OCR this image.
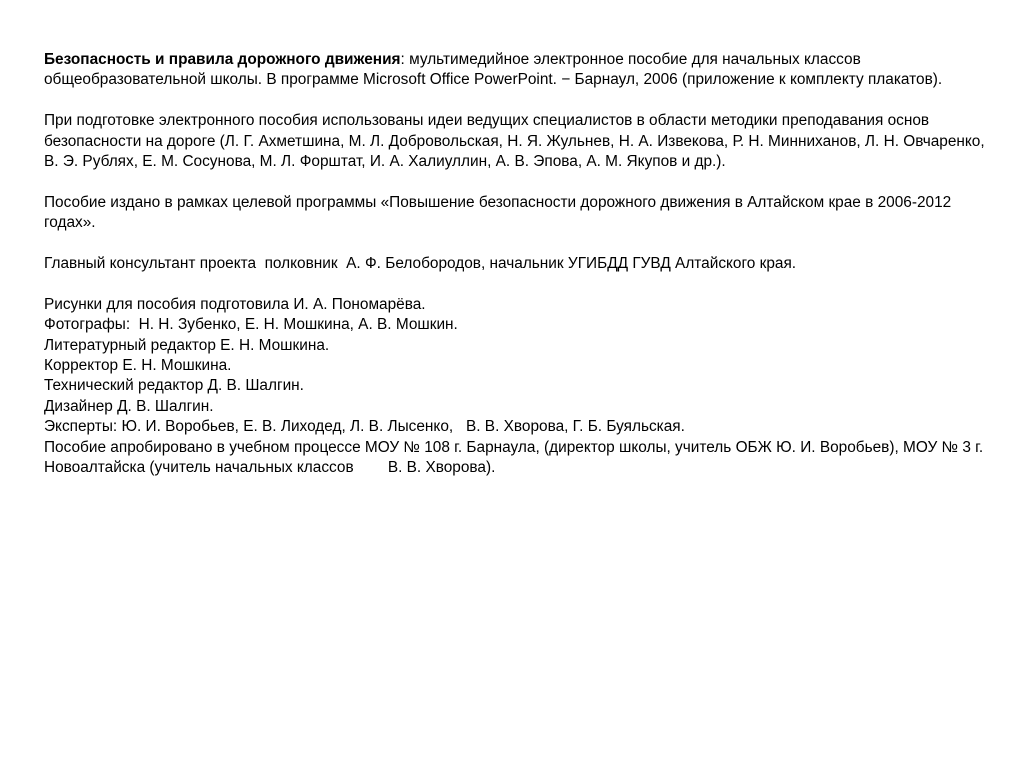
Безопасность и правила дорожного движения: мультимедийное электронное пособие для начальных классов общеобразовательной школы. В программе Microsoft Office PowerPoint. − Барнаул, 2006 (приложение к комплекту плакатов).

При подготовке электронного пособия использованы идеи ведущих специалистов в области методики преподавания основ безопасности на дороге (Л. Г. Ахметшина, М. Л. Добровольская, Н. Я. Жульнев, Н. А. Извекова, Р. Н. Минниханов, Л. Н. Овчаренко, В. Э. Рублях, Е. М. Сосунова, М. Л. Форштат, И. А. Халиуллин, А. В. Эпова, А. М. Якупов и др.).

Пособие издано в рамках целевой программы «Повышение безопасности дорожного движения в Алтайском крае в 2006-2012 годах».

Главный консультант проекта  полковник  А. Ф. Белобородов, начальник УГИБДД ГУВД Алтайского края.

Рисунки для пособия подготовила И. А. Пономарёва.

Фотографы:  Н. Н. Зубенко, Е. Н. Мошкина, А. В. Мошкин.

Литературный редактор Е. Н. Мошкина.

Корректор Е. Н. Мошкина.

Технический редактор Д. В. Шалгин.

Дизайнер Д. В. Шалгин.

Эксперты: Ю. И. Воробьев, Е. В. Лиходед, Л. В. Лысенко,   В. В. Хворова, Г. Б. Буяльская.

Пособие апробировано в учебном процессе МОУ № 108 г. Барнаула, (директор школы, учитель ОБЖ Ю. И. Воробьев), МОУ № 3 г. Новоалтайска (учитель начальных классов        В. В. Хворова).
